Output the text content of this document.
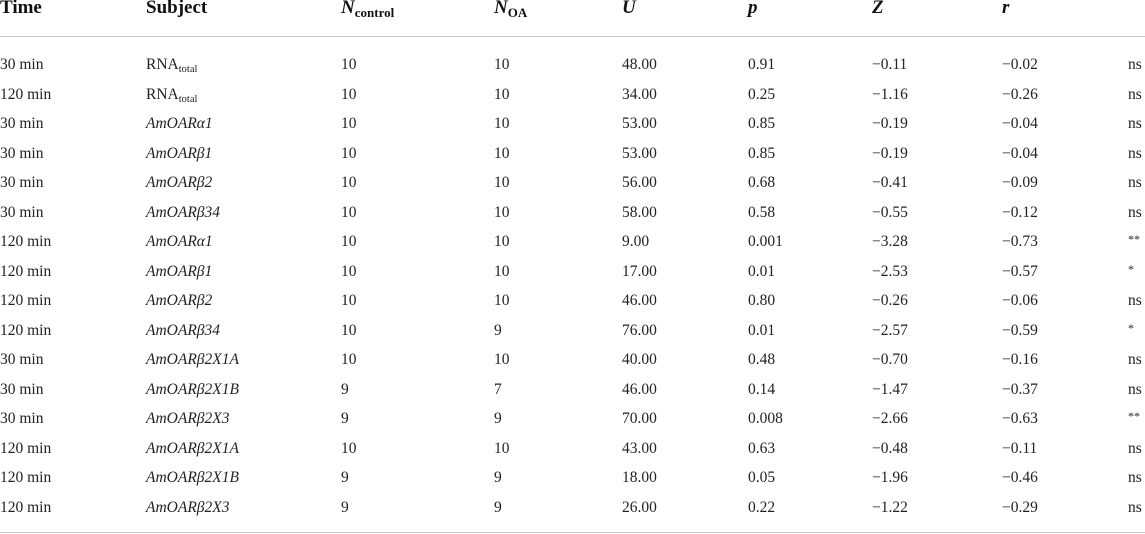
Time	Subject	$N_{control}$	$N_{OA}$	U	p	Z	r
30 min	$RNA_{total}$	10	10	48.00	0.91	−0.11	−0.02	ns
120 min	$RNA_{total}$	10	10	34.00	0.25	−1.16	−0.26	ns
30 min	AmOARα1	10	10	53.00	0.85	−0.19	−0.04	ns
30 min	AmOARβ1	10	10	53.00	0.85	−0.19	−0.04	ns
30 min	AmOARβ2	10	10	56.00	0.68	−0.41	−0.09	ns
30 min	AmOARβ34	10	10	58.00	0.58	−0.55	−0.12	ns
120 min	AmOARα1	10	10	9.00	0.001	−3.28	−0.73	**
120 min	AmOARβ1	10	10	17.00	0.01	−2.53	−0.57	*
120 min	AmOARβ2	10	10	46.00	0.80	−0.26	−0.06	ns
120 min	AmOARβ34	10	9	76.00	0.01	−2.57	−0.59	*
30 min	AmOARβ2X1A	10	10	40.00	0.48	−0.70	−0.16	ns
30 min	AmOARβ2X1B	9	7	46.00	0.14	−1.47	−0.37	ns
30 min	AmOARβ2X3	9	9	70.00	0.008	−2.66	−0.63	**
120 min	AmOARβ2X1A	10	10	43.00	0.63	−0.48	−0.11	ns
120 min	AmOARβ2X1B	9	9	18.00	0.05	−1.96	−0.46	ns
120 min	AmOARβ2X3	9	9	26.00	0.22	−1.22	−0.29	ns
